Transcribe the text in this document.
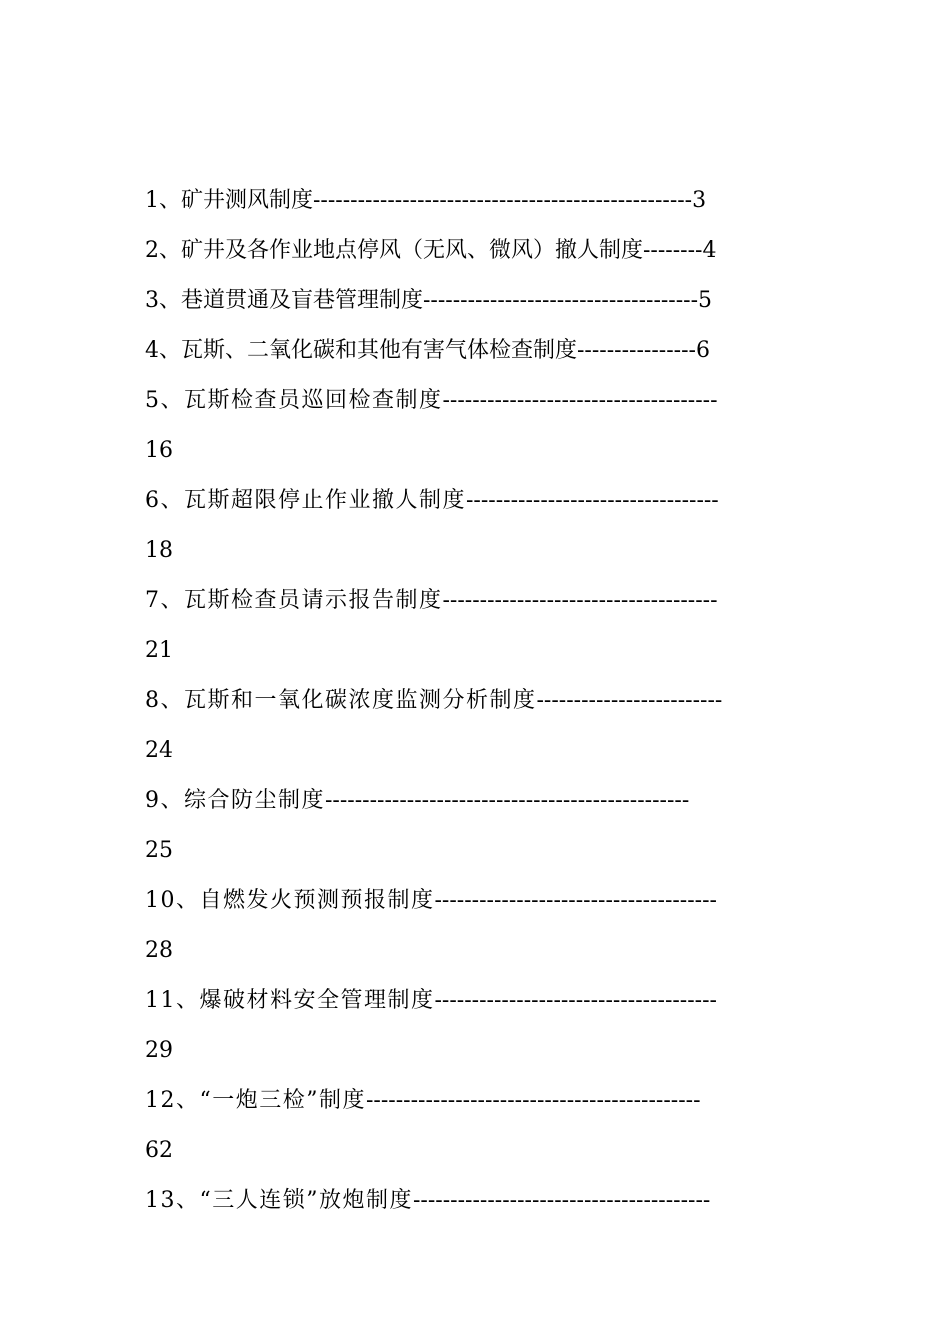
1、矿井测风制度---------------------------------------------------3
2、矿井及各作业地点停风（无风、微风）撤人制度--------4
3、巷道贯通及盲巷管理制度-------------------------------------5
4、瓦斯、二氧化碳和其他有害气体检查制度----------------6
5、瓦斯检查员巡回检查制度-------------------------------------
16
6、瓦斯超限停止作业撤人制度----------------------------------
18
7、瓦斯检查员请示报告制度-------------------------------------
21
8、瓦斯和一氧化碳浓度监测分析制度-------------------------
24
9、综合防尘制度-------------------------------------------------
25
10、自燃发火预测预报制度--------------------------------------
28
11、爆破材料安全管理制度--------------------------------------
29
12、“一炮三检”制度---------------------------------------------
62
13、“三人连锁”放炮制度----------------------------------------
